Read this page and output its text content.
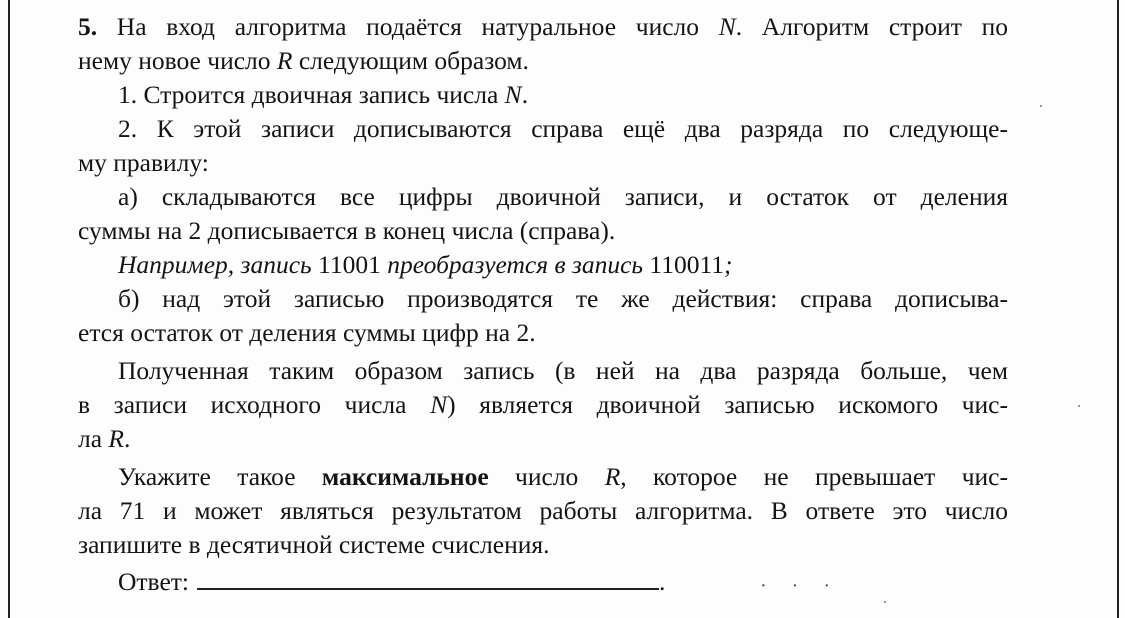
5. На вход алгоритма подаётся натуральное число N. Алгоритм строит по
нему новое число R следующим образом.
1. Строится двоичная запись числа N.
2. К этой записи дописываются справа ещё два разряда по следующе-
му правилу:
а) складываются все цифры двоичной записи, и остаток от деления
суммы на 2 дописывается в конец числа (справа).
Например, запись 11001 преобразуется в запись 110011;
б) над этой записью производятся те же действия: справа дописыва-
ется остаток от деления суммы цифр на 2.
Полученная таким образом запись (в ней на два разряда больше, чем
в записи исходного числа N) является двоичной записью искомого чис-
ла R.
Укажите такое максимальное число R, которое не превышает чис-
ла 71 и может являться результатом работы алгоритма. В ответе это число
запишите в десятичной системе счисления.
Ответ:	.	· · ·
